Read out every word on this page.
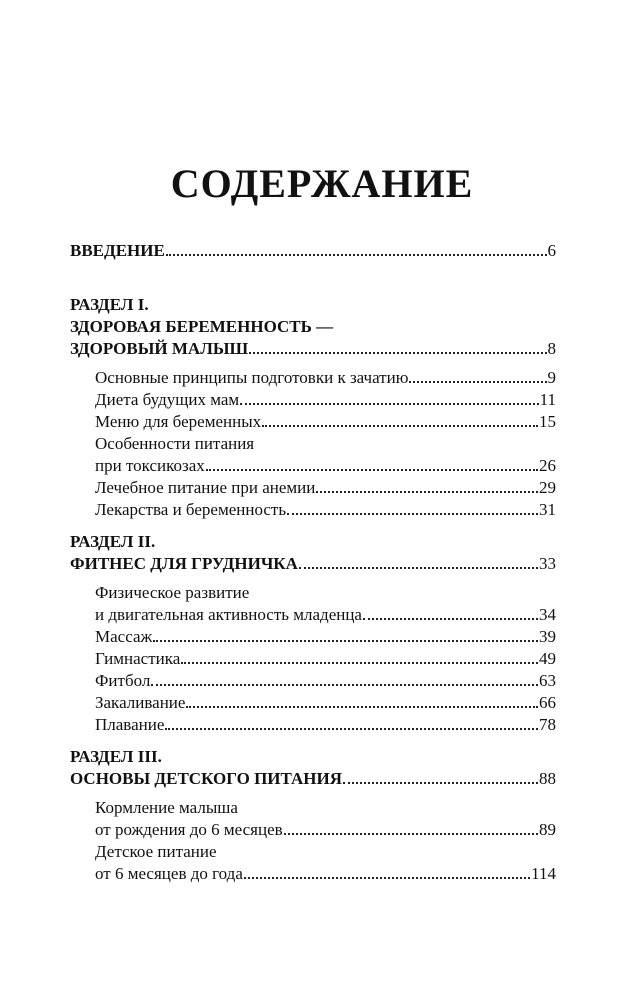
СОДЕРЖАНИЕ
ВВЕДЕНИЕ	6
РАЗДЕЛ I.
ЗДОРОВАЯ БЕРЕМЕННОСТЬ —
ЗДОРОВЫЙ МАЛЫШ	8
Основные принципы подготовки к зачатию	9
Диета будущих мам	11
Меню для беременных	15
Особенности питания
при токсикозах	26
Лечебное питание при анемии	29
Лекарства и беременность	31
РАЗДЕЛ II.
ФИТНЕС ДЛЯ ГРУДНИЧКА	33
Физическое развитие
и двигательная активность младенца	34
Массаж	39
Гимнастика	49
Фитбол	63
Закаливание	66
Плавание	78
РАЗДЕЛ III.
ОСНОВЫ ДЕТСКОГО ПИТАНИЯ	88
Кормление малыша
от рождения до 6 месяцев	89
Детское питание
от 6 месяцев до года	114
